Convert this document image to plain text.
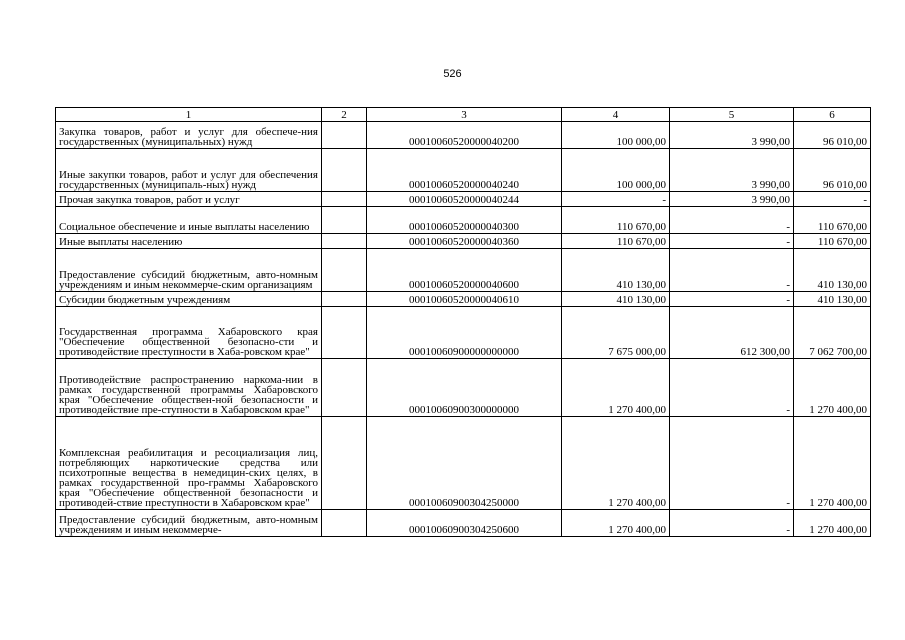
526
1	2	3	4	5	6
Закупка товаров, работ и услуг для обеспече-ния государственных (муниципальных) нужд		00010060520000040200	100 000,00	3 990,00	96 010,00
Иные закупки товаров, работ и услуг для обеспечения государственных (муниципаль-ных) нужд		00010060520000040240	100 000,00	3 990,00	96 010,00
Прочая закупка товаров, работ и услуг		00010060520000040244	-	3 990,00	-
Социальное обеспечение и иные выплаты населению		00010060520000040300	110 670,00	-	110 670,00
Иные выплаты населению		00010060520000040360	110 670,00	-	110 670,00
Предоставление субсидий бюджетным, авто-номным учреждениям и иным некоммерче-ским организациям		00010060520000040600	410 130,00	-	410 130,00
Субсидии бюджетным учреждениям		00010060520000040610	410 130,00	-	410 130,00
Государственная программа Хабаровского края "Обеспечение общественной безопасно-сти и противодействие преступности в Хаба-ровском крае"		00010060900000000000	7 675 000,00	612 300,00	7 062 700,00
Противодействие распространению наркома-нии в рамках государственной программы Хабаровского края "Обеспечение обществен-ной безопасности и противодействие пре-ступности в Хабаровском крае"		00010060900300000000	1 270 400,00	-	1 270 400,00
Комплексная реабилитация и ресоциализация лиц, потребляющих наркотические средства или психотропные вещества в немедицин-ских целях, в рамках государственной про-граммы Хабаровского края "Обеспечение общественной безопасности и противодей-ствие преступности в Хабаровском крае"		00010060900304250000	1 270 400,00	-	1 270 400,00
Предоставление субсидий бюджетным, авто-номным учреждениям и иным некоммерче-		00010060900304250600	1 270 400,00	-	1 270 400,00
